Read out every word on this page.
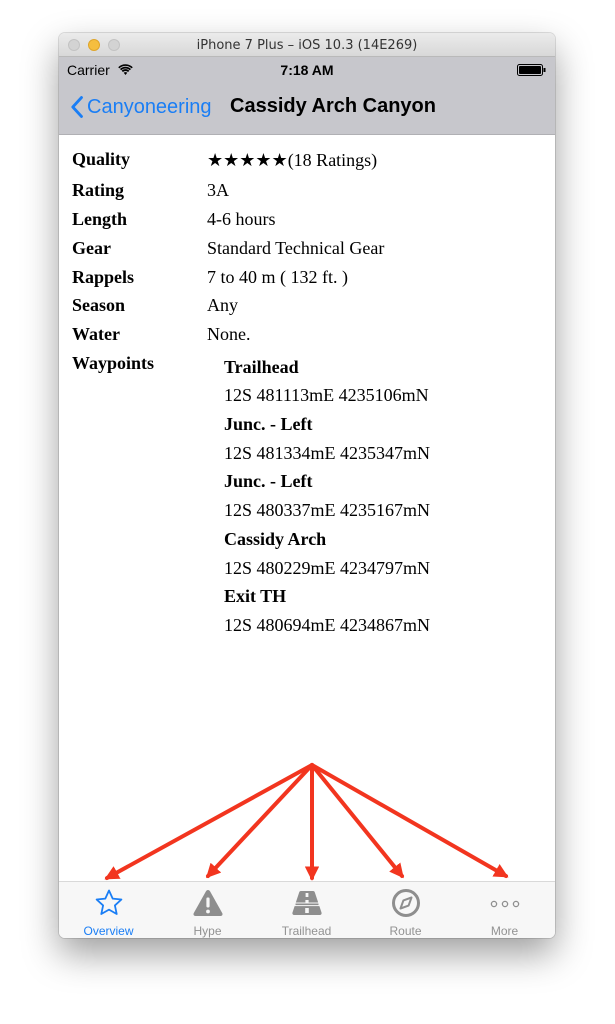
iPhone 7 Plus – iOS 10.3 (14E269)
Carrier	7:18 AM
Canyoneering Cassidy Arch Canyon
Quality	★★★★★(18 Ratings)
Rating	3A
Length	4-6 hours
Gear	Standard Technical Gear
Rappels	7 to 40 m ( 132 ft. )
Season	Any
Water	None.
Waypoints	Trailhead
12S 481113mE 4235106mN
Junc. - Left
12S 481334mE 4235347mN
Junc. - Left
12S 480337mE 4235167mN
Cassidy Arch
12S 480229mE 4234797mN
Exit TH
12S 480694mE 4234867mN
Overview	Hype	Trailhead	Route	More
